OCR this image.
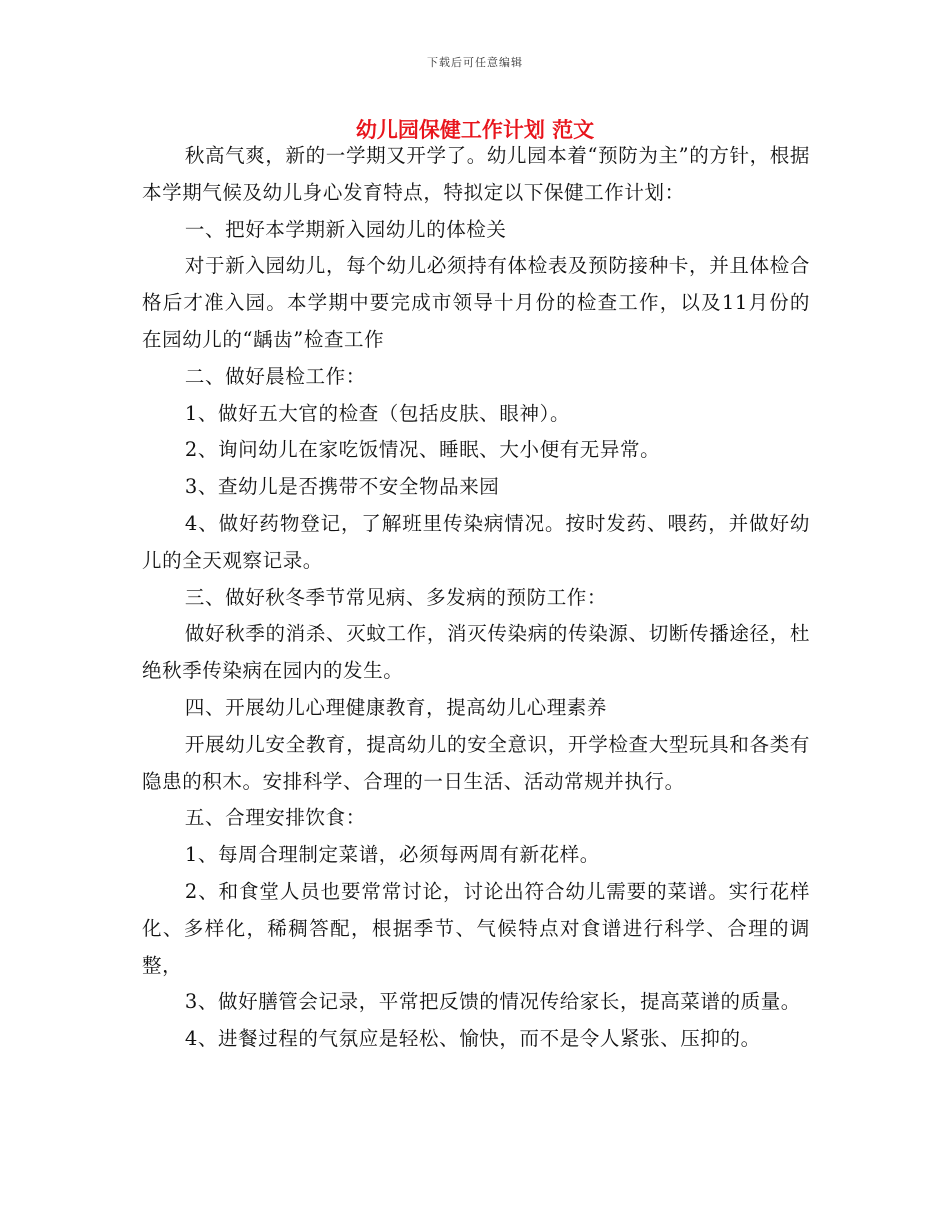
下载后可任意编辑
幼儿园保健工作计划 范文

秋高气爽，新的一学期又开学了。幼儿园本着“预防为主”的方针，根据本学期气候及幼儿身心发育特点，特拟定以下保健工作计划：

一、把好本学期新入园幼儿的体检关

对于新入园幼儿，每个幼儿必须持有体检表及预防接种卡，并且体检合格后才准入园。本学期中要完成市领导十月份的检查工作，以及11月份的在园幼儿的“龋齿”检查工作

二、做好晨检工作：

1、做好五大官的检查（包括皮肤、眼神）。

2、询问幼儿在家吃饭情况、睡眠、大小便有无异常。

3、查幼儿是否携带不安全物品来园

4、做好药物登记，了解班里传染病情况。按时发药、喂药，并做好幼儿的全天观察记录。

三、做好秋冬季节常见病、多发病的预防工作：

做好秋季的消杀、灭蚊工作，消灭传染病的传染源、切断传播途径，杜绝秋季传染病在园内的发生。

四、开展幼儿心理健康教育，提高幼儿心理素养

开展幼儿安全教育，提高幼儿的安全意识，开学检查大型玩具和各类有隐患的积木。安排科学、合理的一日生活、活动常规并执行。

五、合理安排饮食：

1、每周合理制定菜谱，必须每两周有新花样。

2、和食堂人员也要常常讨论，讨论出符合幼儿需要的菜谱。实行花样化、多样化，稀稠答配，根据季节、气候特点对食谱进行科学、合理的调整，

3、做好膳管会记录，平常把反馈的情况传给家长，提高菜谱的质量。

4、进餐过程的气氛应是轻松、愉快，而不是令人紧张、压抑的。
